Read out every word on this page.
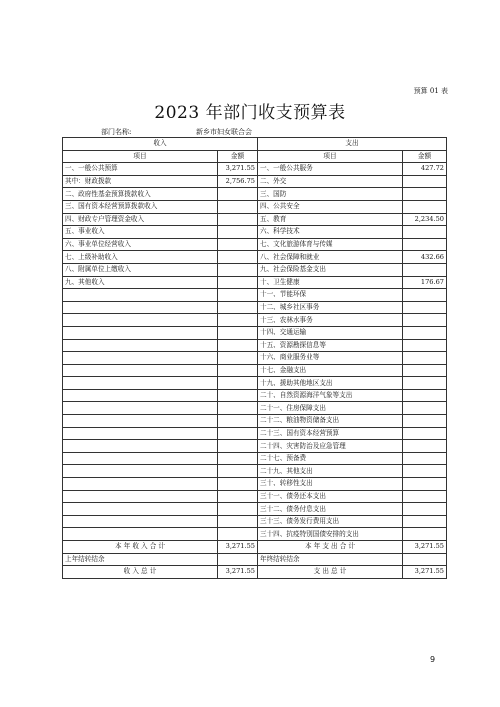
预算 01 表
2023 年部门收支预算表
部门名称:	新乡市妇女联合会
收入		支出	
项目	金额	项目	金额
一、一般公共预算	3,271.55	一、一般公共服务	427.72
其中：财政拨款	2,756.75	二、外交	
二、政府性基金预算拨款收入		三、国防	
三、国有资本经营预算拨款收入		四、公共安全	
四、财政专户管理资金收入		五、教育	2,234.50
五、事业收入		六、科学技术	
六、事业单位经营收入		七、文化旅游体育与传媒	
七、上级补助收入		八、社会保障和就业	432.66
八、附属单位上缴收入		九、社会保险基金支出	
九、其他收入		十、卫生健康	176.67
		十一、节能环保	
		十二、城乡社区事务	
		十三、农林水事务	
		十四、交通运输	
		十五、资源勘探信息等	
		十六、商业服务业等	
		十七、金融支出	
		十九、援助其他地区支出	
		二十、自然资源海洋气象等支出	
		二十一、住房保障支出	
		二十二、粮油物资储备支出	
		二十三、国有资本经营预算	
		二十四、灾害防治及应急管理	
		二十七、预备费	
		二十九、其他支出	
		三十、转移性支出	
		三十一、债务还本支出	
		三十二、债务付息支出	
		三十三、债务发行费用支出	
		三十四、抗疫特别国债安排的支出	
本 年 收 入 合 计	3,271.55	本 年 支 出 合 计	3,271.55
上年结转结余		年终结转结余	
收 入 总 计	3,271.55	支 出 总 计	3,271.55
9
